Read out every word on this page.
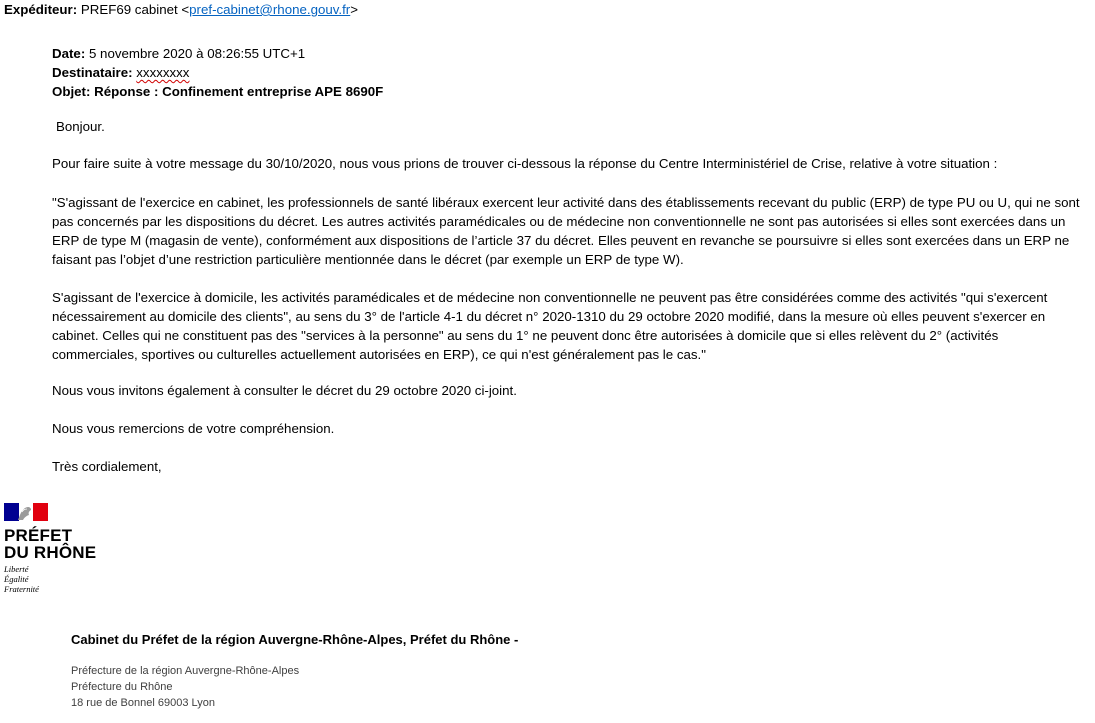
Expéditeur: PREF69 cabinet <pref-cabinet@rhone.gouv.fr>
Date: 5 novembre 2020 à 08:26:55 UTC+1
Destinataire: xxxxxxxx
Objet: Réponse : Confinement entreprise APE 8690F
Bonjour.
Pour faire suite à votre message du 30/10/2020, nous vous prions de trouver ci-dessous la réponse du Centre Interministériel de Crise, relative à votre situation :
"S'agissant de l'exercice en cabinet, les professionnels de santé libéraux exercent leur activité dans des établissements recevant du public (ERP) de type PU ou U, qui ne sont
pas concernés par les dispositions du décret. Les autres activités paramédicales ou de médecine non conventionnelle ne sont pas autorisées si elles sont exercées dans un
ERP de type M (magasin de vente), conformément aux dispositions de l’article 37 du décret. Elles peuvent en revanche se poursuivre si elles sont exercées dans un ERP ne
faisant pas l’objet d’une restriction particulière mentionnée dans le décret (par exemple un ERP de type W).
S'agissant de l'exercice à domicile, les activités paramédicales et de médecine non conventionnelle ne peuvent pas être considérées comme des activités "qui s'exercent
nécessairement au domicile des clients", au sens du 3° de l'article 4-1 du décret n° 2020-1310 du 29 octobre 2020 modifié, dans la mesure où elles peuvent s'exercer en
cabinet. Celles qui ne constituent pas des "services à la personne" au sens du 1° ne peuvent donc être autorisées à domicile que si elles relèvent du 2° (activités
commerciales, sportives ou culturelles actuellement autorisées en ERP), ce qui n'est généralement pas le cas."
Nous vous invitons également à consulter le décret du 29 octobre 2020 ci-joint.
Nous vous remercions de votre compréhension.
Très cordialement,
PRÉFET
DU RHÔNE
Liberté
Égalité
Fraternité
Cabinet du Préfet de la région Auvergne-Rhône-Alpes, Préfet du Rhône -
Préfecture de la région Auvergne-Rhône-Alpes
Préfecture du Rhône
18 rue de Bonnel 69003 Lyon
